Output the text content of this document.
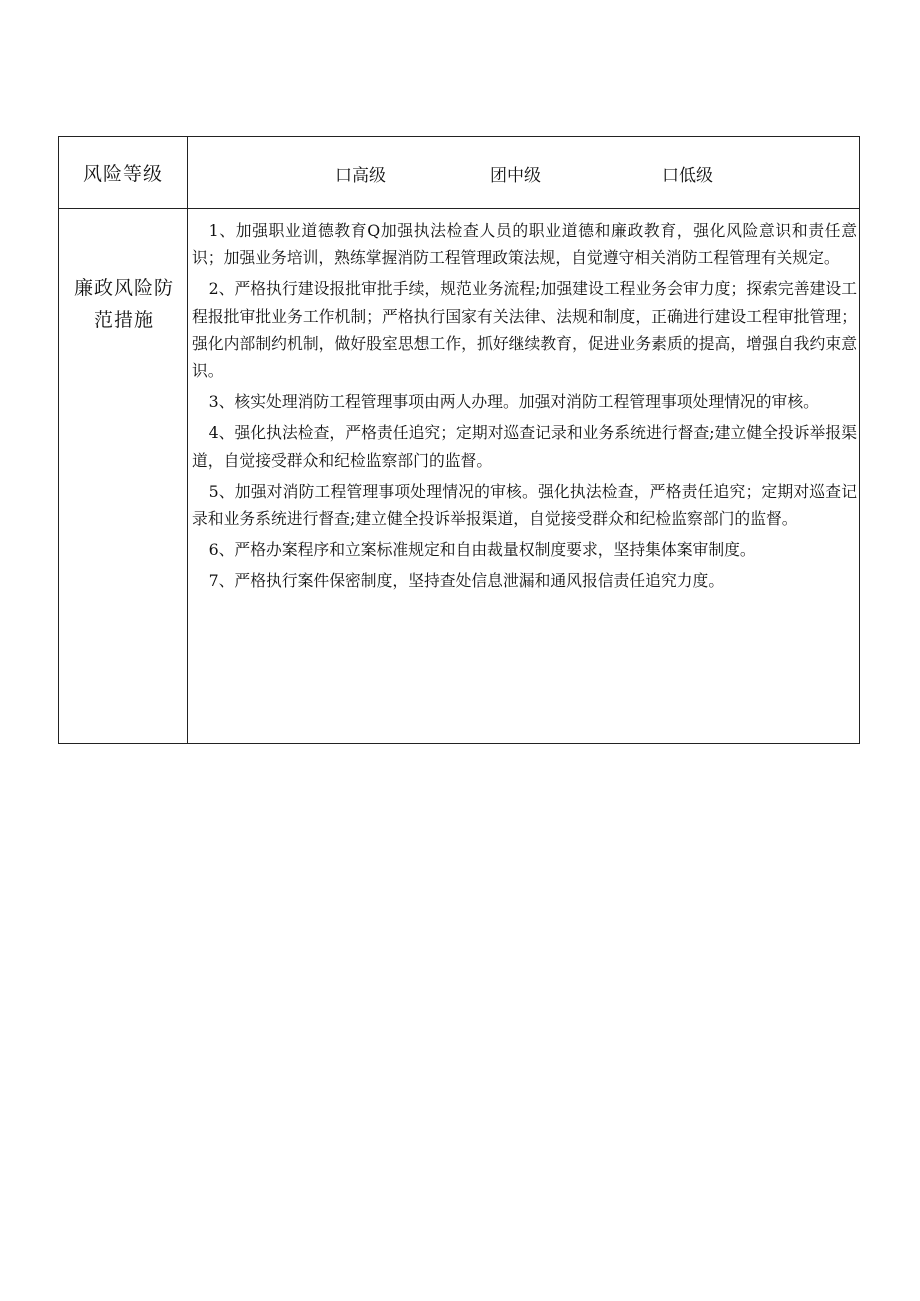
风险等级	口高级	团中级	口低级
廉政风险防范措施

1、加强职业道德教育Q加强执法检查人员的职业道德和廉政教育，强化风险意识和责任意识；加强业务培训，熟练掌握消防工程管理政策法规，自觉遵守相关消防工程管理有关规定。

2、严格执行建设报批审批手续，规范业务流程;加强建设工程业务会审力度；探索完善建设工程报批审批业务工作机制；严格执行国家有关法律、法规和制度，正确进行建设工程审批管理；强化内部制约机制，做好股室思想工作，抓好继续教育，促进业务素质的提高，增强自我约束意识。

3、核实处理消防工程管理事项由两人办理。加强对消防工程管理事项处理情况的审核。

4、强化执法检查，严格责任追究；定期对巡查记录和业务系统进行督查;建立健全投诉举报渠道，自觉接受群众和纪检监察部门的监督。

5、加强对消防工程管理事项处理情况的审核。强化执法检查，严格责任追究；定期对巡查记录和业务系统进行督查;建立健全投诉举报渠道，自觉接受群众和纪检监察部门的监督。

6、严格办案程序和立案标准规定和自由裁量权制度要求，坚持集体案审制度。

7、严格执行案件保密制度，坚持查处信息泄漏和通风报信责任追究力度。
